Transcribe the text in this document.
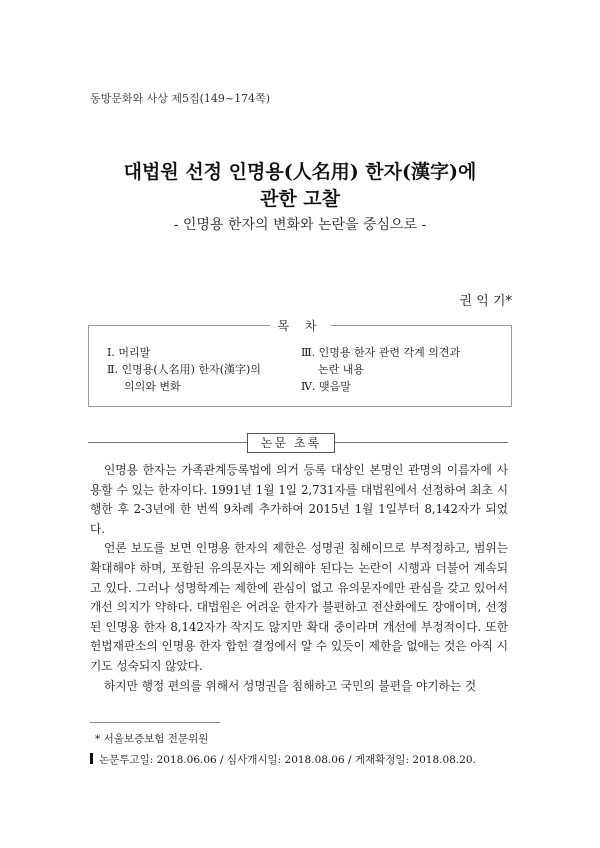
동방문화와 사상 제5집(149~174쪽)
대법원 선정 인명용(人名用) 한자(漢字)에
관한 고찰
- 인명용 한자의 변화와 논란을 중심으로 -
권 익 기*
목 차
Ⅰ. 머리말
Ⅱ. 인명용(人名用) 한자(漢字)의
의의와 변화
Ⅲ. 인명용 한자 관련 각계 의견과
논란 내용
Ⅳ. 맺음말
논문 초록

인명용 한자는 가족관계등록법에 의거 등록 대상인 본명인 관명의 이름자에 사용할 수 있는 한자이다. 1991년 1월 1일 2,731자를 대법원에서 선정하여 최초 시행한 후 2-3년에 한 번씩 9차례 추가하여 2015년 1월 1일부터 8,142자가 되었다.

언론 보도를 보면 인명용 한자의 제한은 성명권 침해이므로 부적정하고, 범위는 확대해야 하며, 포함된 유의문자는 제외해야 된다는 논란이 시행과 더불어 계속되고 있다. 그러나 성명학계는 제한에 관심이 없고 유의문자에만 관심을 갖고 있어서 개선 의지가 약하다. 대법원은 어려운 한자가 불편하고 전산화에도 장애이며, 선정된 인명용 한자 8,142자가 작지도 않지만 확대 중이라며 개선에 부정적이다. 또한 헌법재판소의 인명용 한자 합헌 결정에서 알 수 있듯이 제한을 없애는 것은 아직 시기도 성숙되지 않았다.

하지만 행정 편의를 위해서 성명권을 침해하고 국민의 불편을 야기하는 것

* 서울보증보험 전문위원
논문투고일: 2018.06.06 / 심사개시일: 2018.08.06 / 게재확정일: 2018.08.20.
